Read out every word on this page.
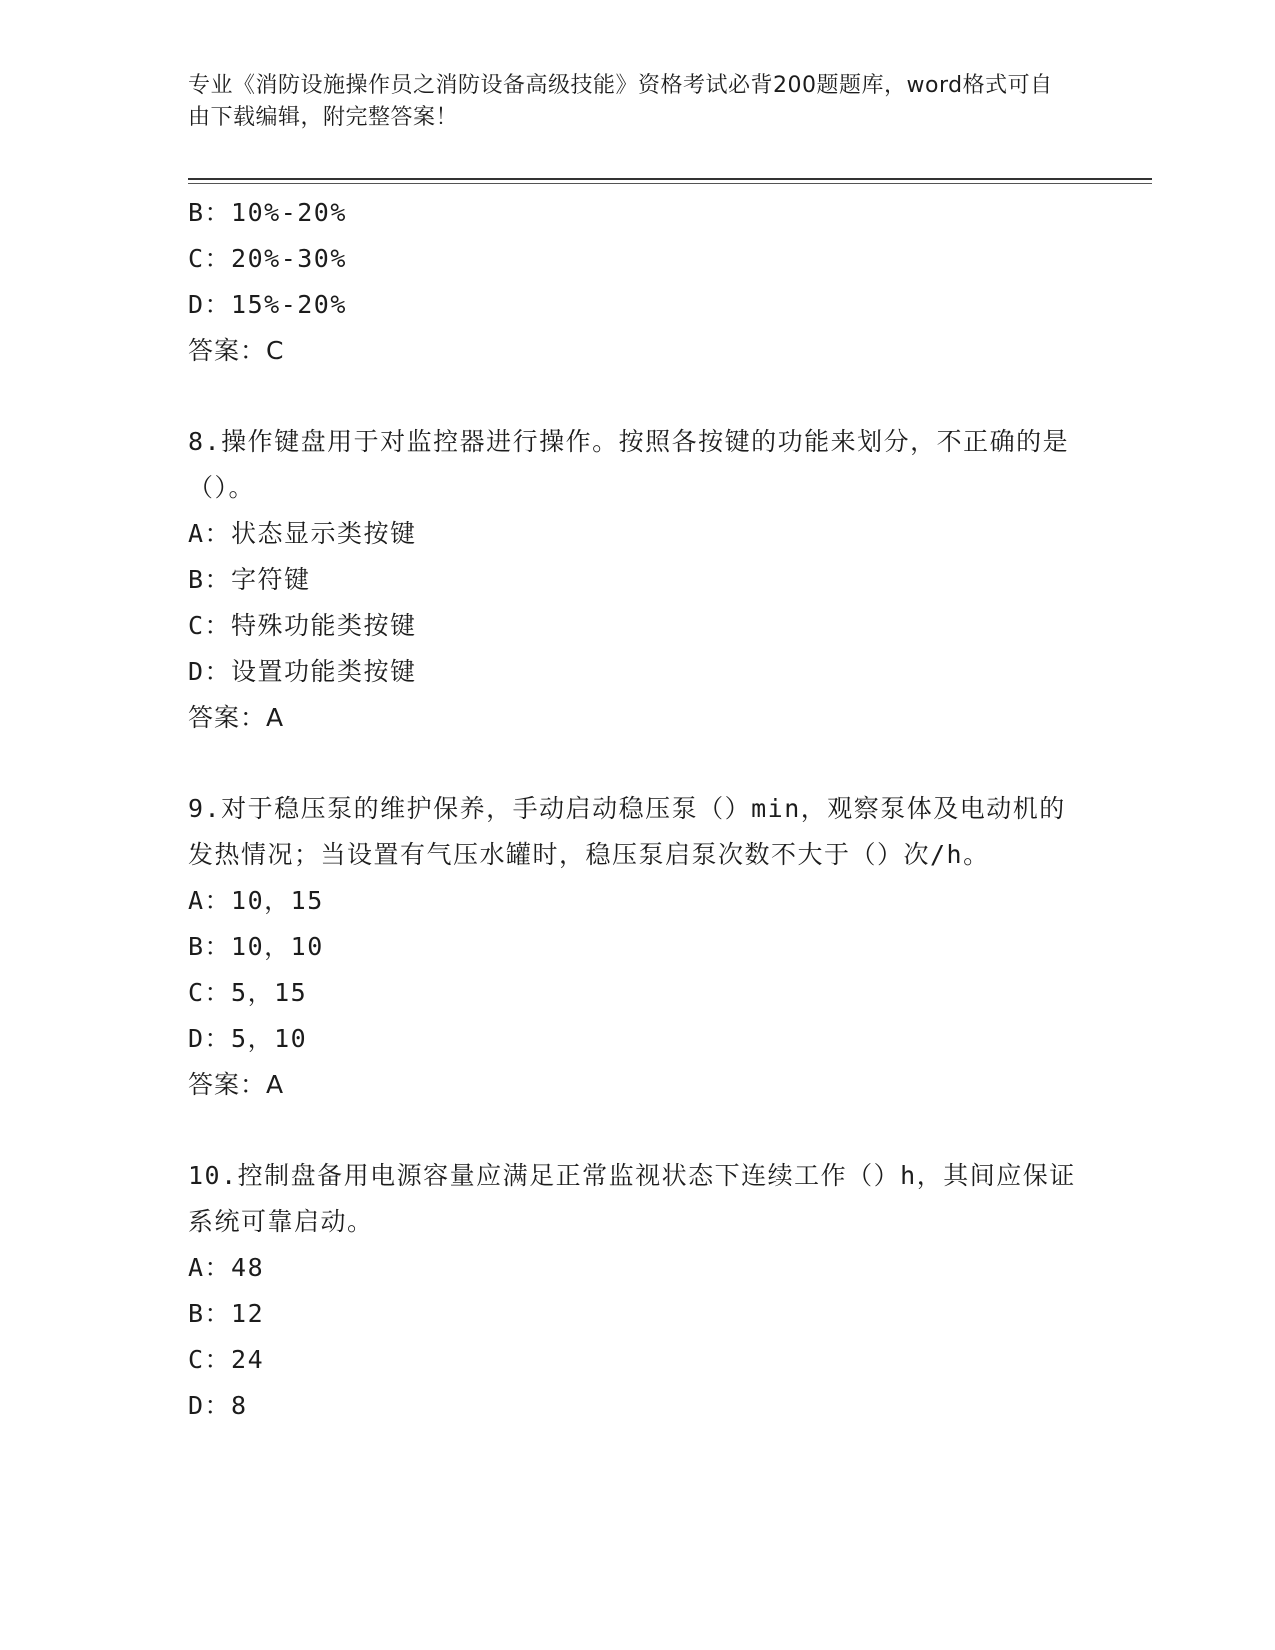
专业《消防设施操作员之消防设备高级技能》资格考试必背200题题库，word格式可自由下载编辑，附完整答案！
B：10%-20%
C：20%-30%
D：15%-20%
答案：C
8.操作键盘用于对监控器进行操作。按照各按键的功能来划分，不正确的是（）。
A：状态显示类按键
B：字符键
C：特殊功能类按键
D：设置功能类按键
答案：A
9.对于稳压泵的维护保养，手动启动稳压泵（）min，观察泵体及电动机的发热情况；当设置有气压水罐时，稳压泵启泵次数不大于（）次/h。
A：10，15
B：10，10
C：5，15
D：5，10
答案：A
10.控制盘备用电源容量应满足正常监视状态下连续工作（）h，其间应保证系统可靠启动。
A：48
B：12
C：24
D：8
